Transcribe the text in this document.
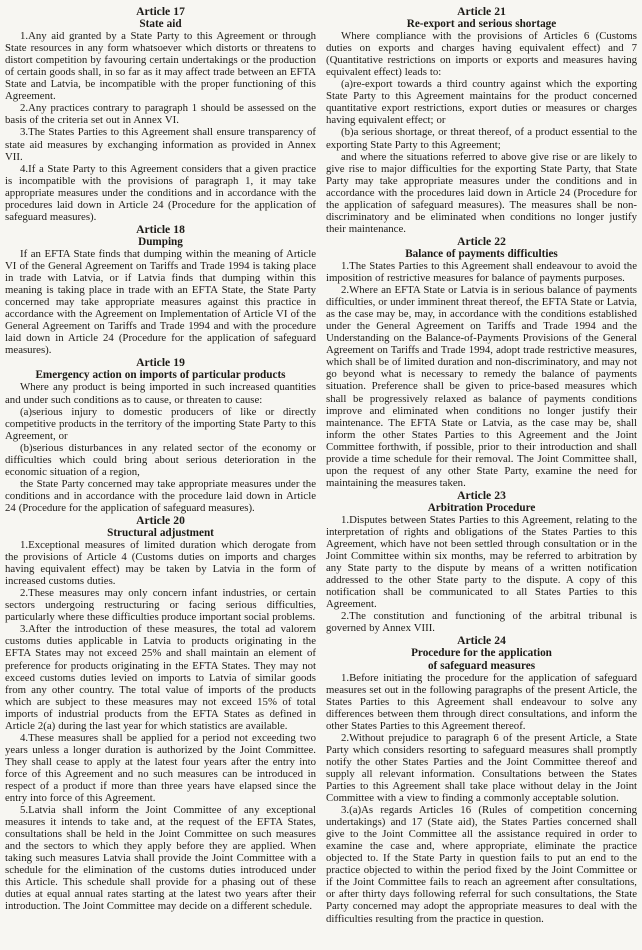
Article 17
State aid
1.Any aid granted by a State Party to this Agreement or through State resources in any form whatsoever which distorts or threatens to distort competition by favouring certain undertakings or the production of certain goods shall, in so far as it may affect trade between an EFTA State and Latvia, be incompatible with the proper functioning of this Agreement.
2.Any practices contrary to paragraph 1 should be assessed on the basis of the criteria set out in Annex VI.
3.The States Parties to this Agreement shall ensure transparency of state aid measures by exchanging information as provided in Annex VII.
4.If a State Party to this Agreement considers that a given practice is incompatible with the provisions of paragraph 1, it may take appropriate measures under the conditions and in accordance with the procedures laid down in Article 24 (Procedure for the application of safeguard measures).
Article 18
Dumping
If an EFTA State finds that dumping within the meaning of Article VI of the General Agreement on Tariffs and Trade 1994 is taking place in trade with Latvia, or if Latvia finds that dumping within this meaning is taking place in trade with an EFTA State, the State Party concerned may take appropriate measures against this practice in accordance with the Agreement on Implementation of Article VI of the General Agreement on Tariffs and Trade 1994 and with the procedure laid down in Article 24 (Procedure for the application of safeguard measures).
Article 19
Emergency action on imports of particular products
Where any product is being imported in such increased quantities and under such conditions as to cause, or threaten to cause:
(a)serious injury to domestic producers of like or directly competitive products in the territory of the importing State Party to this Agreement, or
(b)serious disturbances in any related sector of the economy or difficulties which could bring about serious deterioration in the economic situation of a region,
the State Party concerned may take appropriate measures under the conditions and in accordance with the procedure laid down in Article 24 (Procedure for the application of safeguard measures).
Article 20
Structural adjustment
1.Exceptional measures of limited duration which derogate from the provisions of Article 4 (Customs duties on imports and charges having equivalent effect) may be taken by Latvia in the form of increased customs duties.
2.These measures may only concern infant industries, or certain sectors undergoing restructuring or facing serious difficulties, particularly where these difficulties produce important social problems.
3.After the introduction of these measures, the total ad valorem customs duties applicable in Latvia to products originating in the EFTA States may not exceed 25% and shall maintain an element of preference for products originating in the EFTA States. They may not exceed customs duties levied on imports to Latvia of similar goods from any other country. The total value of imports of the products which are subject to these measures may not exceed 15% of total imports of industrial products from the EFTA States as defined in Article 2(a) during the last year for which statistics are available.
4.These measures shall be applied for a period not exceeding two years unless a longer duration is authorized by the Joint Committee. They shall cease to apply at the latest four years after the entry into force of this Agreement and no such measures can be introduced in respect of a product if more than three years have elapsed since the entry into force of this Agreement.
5.Latvia shall inform the Joint Committee of any exceptional measures it intends to take and, at the request of the EFTA States, consultations shall be held in the Joint Committee on such measures and the sectors to which they apply before they are applied. When taking such measures Latvia shall provide the Joint Committee with a schedule for the elimination of the customs duties introduced under this Article. This schedule shall provide for a phasing out of these duties at equal annual rates starting at the latest two years after their introduction. The Joint Committee may decide on a different schedule.
Article 21
Re-export and serious shortage
Where compliance with the provisions of Articles 6 (Customs duties on exports and charges having equivalent effect) and 7 (Quantitative restrictions on imports or exports and measures having equivalent effect) leads to:
(a)re-export towards a third country against which the exporting State Party to this Agreement maintains for the product concerned quantitative export restrictions, export duties or measures or charges having equivalent effect; or
(b)a serious shortage, or threat thereof, of a product essential to the exporting State Party to this Agreement;
and where the situations referred to above give rise or are likely to give rise to major difficulties for the exporting State Party, that State Party may take appropriate measures under the conditions and in accordance with the procedures laid down in Article 24 (Procedure for the application of safeguard measures). The measures shall be non-discriminatory and be eliminated when conditions no longer justify their maintenance.
Article 22
Balance of payments difficulties
1.The States Parties to this Agreement shall endeavour to avoid the imposition of restrictive measures for balance of payments purposes.
2.Where an EFTA State or Latvia is in serious balance of payments difficulties, or under imminent threat thereof, the EFTA State or Latvia, as the case may be, may, in accordance with the conditions established under the General Agreement on Tariffs and Trade 1994 and the Understanding on the Balance-of-Payments Provisions of the General Agreement on Tariffs and Trade 1994, adopt trade restrictive measures, which shall be of limited duration and non-discriminatory, and may not go beyond what is necessary to remedy the balance of payments situation. Preference shall be given to price-based measures which shall be progressively relaxed as balance of payments conditions improve and eliminated when conditions no longer justify their maintenance. The EFTA State or Latvia, as the case may be, shall inform the other States Parties to this Agreement and the Joint Committee forthwith, if possible, prior to their introduction and shall provide a time schedule for their removal. The Joint Committee shall, upon the request of any other State Party, examine the need for maintaining the measures taken.
Article 23
Arbitration Procedure
1.Disputes between States Parties to this Agreement, relating to the interpretation of rights and obligations of the States Parties to this Agreement, which have not been settled through consultation or in the Joint Committee within six months, may be referred to arbitration by any State party to the dispute by means of a written notification addressed to the other State party to the dispute. A copy of this notification shall be communicated to all States Parties to this Agreement.
2.The constitution and functioning of the arbitral tribunal is governed by Annex VIII.
Article 24
Procedure for the application
of safeguard measures
1.Before initiating the procedure for the application of safeguard measures set out in the following paragraphs of the present Article, the States Parties to this Agreement shall endeavour to solve any differences between them through direct consultations, and inform the other States Parties to this Agreement thereof.
2.Without prejudice to paragraph 6 of the present Article, a State Party which considers resorting to safeguard measures shall promptly notify the other States Parties and the Joint Committee thereof and supply all relevant information. Consultations between the States Parties to this Agreement shall take place without delay in the Joint Committee with a view to finding a commonly acceptable solution.
3.(a)As regards Articles 16 (Rules of competition concerning undertakings) and 17 (State aid), the States Parties concerned shall give to the Joint Committee all the assistance required in order to examine the case and, where appropriate, eliminate the practice objected to. If the State Party in question fails to put an end to the practice objected to within the period fixed by the Joint Committee or if the Joint Committee fails to reach an agreement after consultations, or after thirty days following referral for such consultations, the State Party concerned may adopt the appropriate measures to deal with the difficulties resulting from the practice in question.
